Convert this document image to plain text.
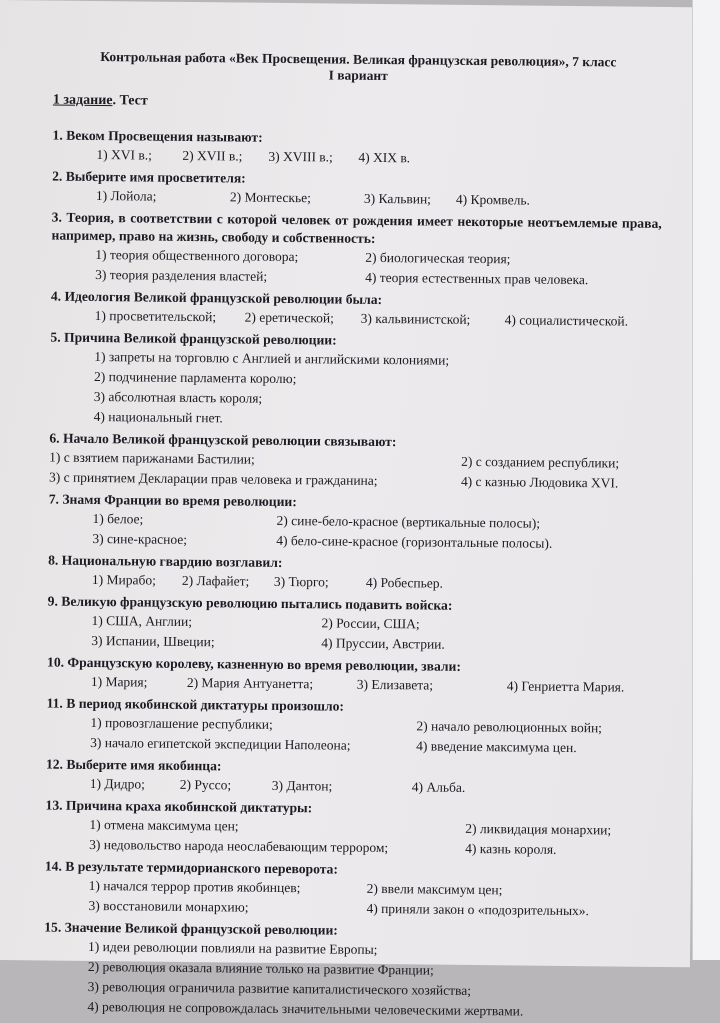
Контрольная работа «Век Просвещения. Великая французская революция», 7 класс
I вариант
1 задание. Тест
1. Веком Просвещения называют:
1) XVI в.;	2) XVII в.;	3) XVIII в.;	4) XIX в.
2. Выберите имя просветителя:
1) Лойола;	2) Монтескье;	3) Кальвин;	4) Кромвель.
3. Теория, в соответствии с которой человек от рождения имеет некоторые неотъемлемые права, например, право на жизнь, свободу и собственность:
1) теория общественного договора;	2) биологическая теория;
3) теория разделения властей;	4) теория естественных прав человека.
4. Идеология Великой французской революции была:
1) просветительской;	2) еретической;	3) кальвинистской;	4) социалистической.
5. Причина Великой французской революции:
1) запреты на торговлю с Англией и английскими колониями;
2) подчинение парламента королю;
3) абсолютная власть короля;
4) национальный гнет.
6. Начало Великой французской революции связывают:
1) с взятием парижанами Бастилии;	2) с созданием республики;
3) с принятием Декларации прав человека и гражданина;	4) с казнью Людовика XVI.
7. Знамя Франции во время революции:
1) белое;	2) сине-бело-красное (вертикальные полосы);
3) сине-красное;	4) бело-сине-красное (горизонтальные полосы).
8. Национальную гвардию возглавил:
1) Мирабо;	2) Лафайет;	3) Тюрго;	4) Робеспьер.
9. Великую французскую революцию пытались подавить войска:
1) США, Англии;	2) России, США;
3) Испании, Швеции;	4) Пруссии, Австрии.
10. Французскую королеву, казненную во время революции, звали:
1) Мария;	2) Мария Антуанетта;	3) Елизавета;	4) Генриетта Мария.
11. В период якобинской диктатуры произошло:
1) провозглашение республики;	2) начало революционных войн;
3) начало египетской экспедиции Наполеона;	4) введение максимума цен.
12. Выберите имя якобинца:
1) Дидро;	2) Руссо;	3) Дантон;	4) Альба.
13. Причина краха якобинской диктатуры:
1) отмена максимума цен;	2) ликвидация монархии;
3) недовольство народа неослабевающим террором;	4) казнь короля.
14. В результате термидорианского переворота:
1) начался террор против якобинцев;	2) ввели максимум цен;
3) восстановили монархию;	4) приняли закон о «подозрительных».
15. Значение Великой французской революции:
1) идеи революции повлияли на развитие Европы;
2) революция оказала влияние только на развитие Франции;
3) революция ограничила развитие капиталистического хозяйства;
4) революция не сопровождалась значительными человеческими жертвами.
